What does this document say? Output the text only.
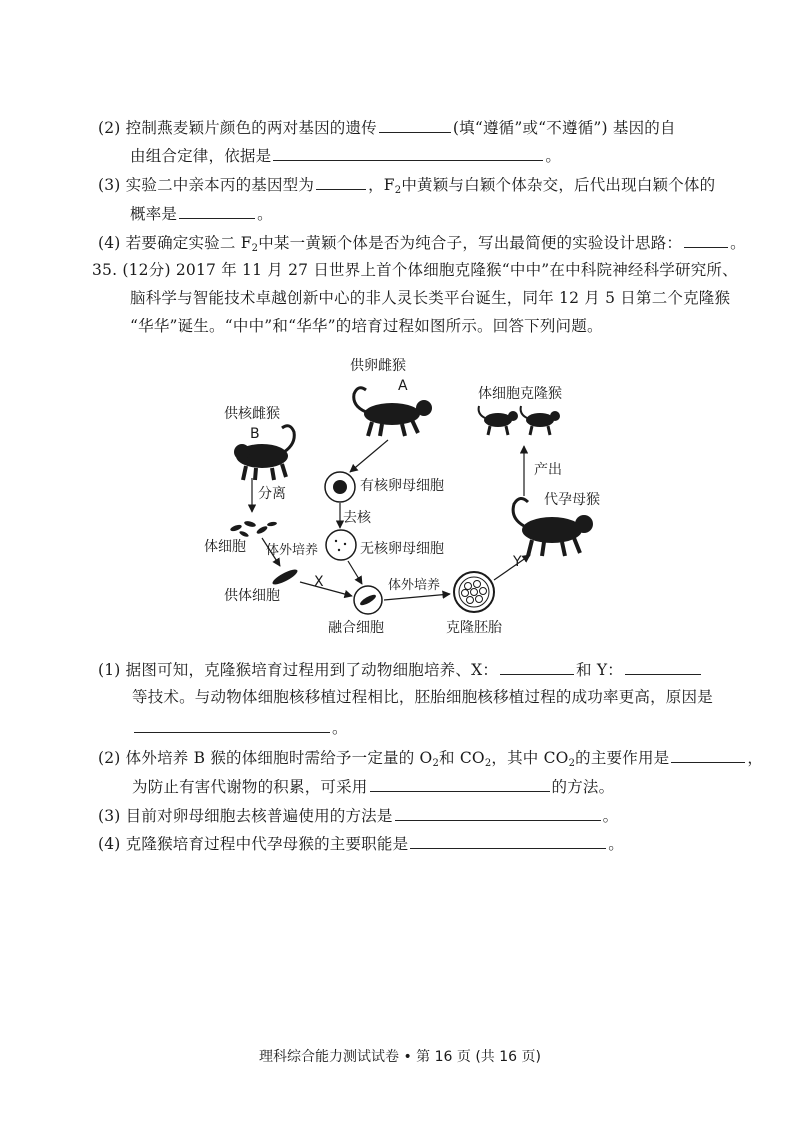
(2) 控制燕麦颖片颜色的两对基因的遗传	(填“遵循”或“不遵循”) 基因的自
由组合定律，依据是	。
(3) 实验二中亲本丙的基因型为	，$F_2$中黄颖与白颖个体杂交，后代出现白颖个体的
概率是	。
(4) 若要确定实验二 $F_2$中某一黄颖个体是否为纯合子，写出最简便的实验设计思路：	。
35. (12分) 2017 年 11 月 27 日世界上首个体细胞克隆猴“中中”在中科院神经科学研究所、
脑科学与智能技术卓越创新中心的非人灵长类平台诞生，同年 12 月 5 日第二个克隆猴
“华华”诞生。“中中”和“华华”的培育过程如图所示。回答下列问题。
供卵雌猴
A
供核雌猴
B
体细胞克隆猴
有核卵母细胞
分离
去核
产出
代孕母猴
体细胞 体外培养	无核卵母细胞
Y
供体细胞
X	体外培养
融合细胞	克隆胚胎
(1) 据图可知，克隆猴培育过程用到了动物细胞培养、X：	和 Y：
等技术。与动物体细胞核移植过程相比，胚胎细胞核移植过程的成功率更高，原因是
。
(2) 体外培养 B 猴的体细胞时需给予一定量的 $O_2$和 $CO_2$，其中 $CO_2$的主要作用是	，
为防止有害代谢物的积累，可采用	的方法。
(3) 目前对卵母细胞去核普遍使用的方法是	。
(4) 克隆猴培育过程中代孕母猴的主要职能是	。
理科综合能力测试试卷 • 第 16 页 (共 16 页)
